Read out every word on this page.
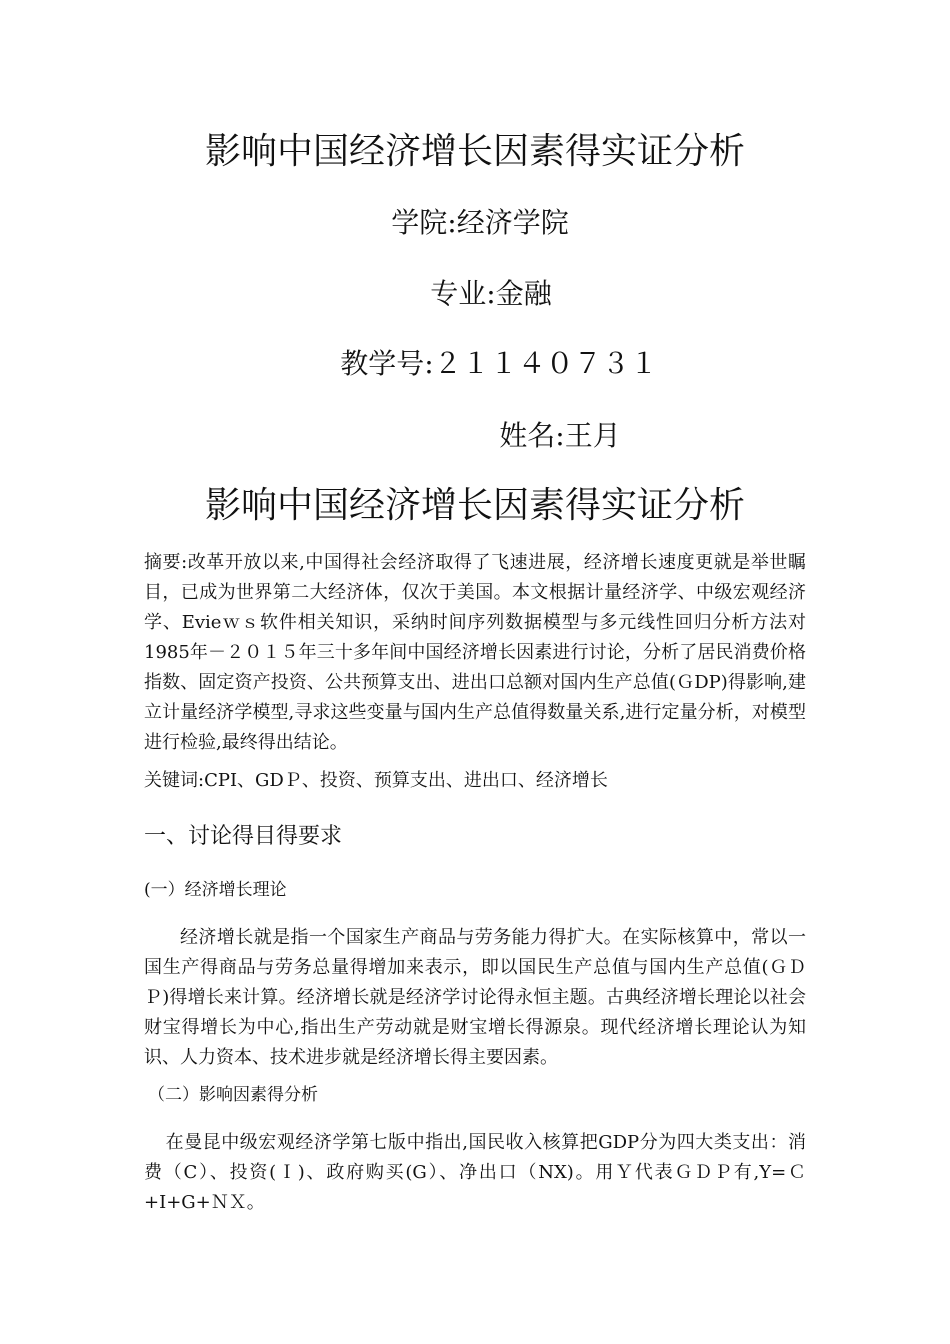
影响中国经济增长因素得实证分析
学院:经济学院
专业:金融
教学号:２１１４０７３１
姓名:王月
影响中国经济增长因素得实证分析
摘要:改革开放以来,中国得社会经济取得了飞速进展，经济增长速度更就是举世瞩目，已成为世界第二大经济体，仅次于美国。本文根据计量经济学、中级宏观经济学、Evieｗｓ软件相关知识，采纳时间序列数据模型与多元线性回归分析方法对1985年－２０１５年三十多年间中国经济增长因素进行讨论，分析了居民消费价格指数、固定资产投资、公共预算支出、进出口总额对国内生产总值(ＧDP)得影响,建立计量经济学模型,寻求这些变量与国内生产总值得数量关系,进行定量分析，对模型进行检验,最终得出结论。
关键词:CPI、GDＰ、投资、预算支出、进出口、经济增长
一、讨论得目得要求
(一）经济增长理论
经济增长就是指一个国家生产商品与劳务能力得扩大。在实际核算中，常以一国生产得商品与劳务总量得增加来表示，即以国民生产总值与国内生产总值(ＧＤＰ)得增长来计算。经济增长就是经济学讨论得永恒主题。古典经济增长理论以社会财宝得增长为中心,指出生产劳动就是财宝增长得源泉。现代经济增长理论认为知识、人力资本、技术进步就是经济增长得主要因素。
（二）影响因素得分析
在曼昆中级宏观经济学第七版中指出,国民收入核算把GDP分为四大类支出：消费（C）、投资(Ｉ)、政府购买(G）、净出口（NX)。用Ｙ代表ＧＤＰ有,Y=Ｃ+I+G+ＮＸ。
